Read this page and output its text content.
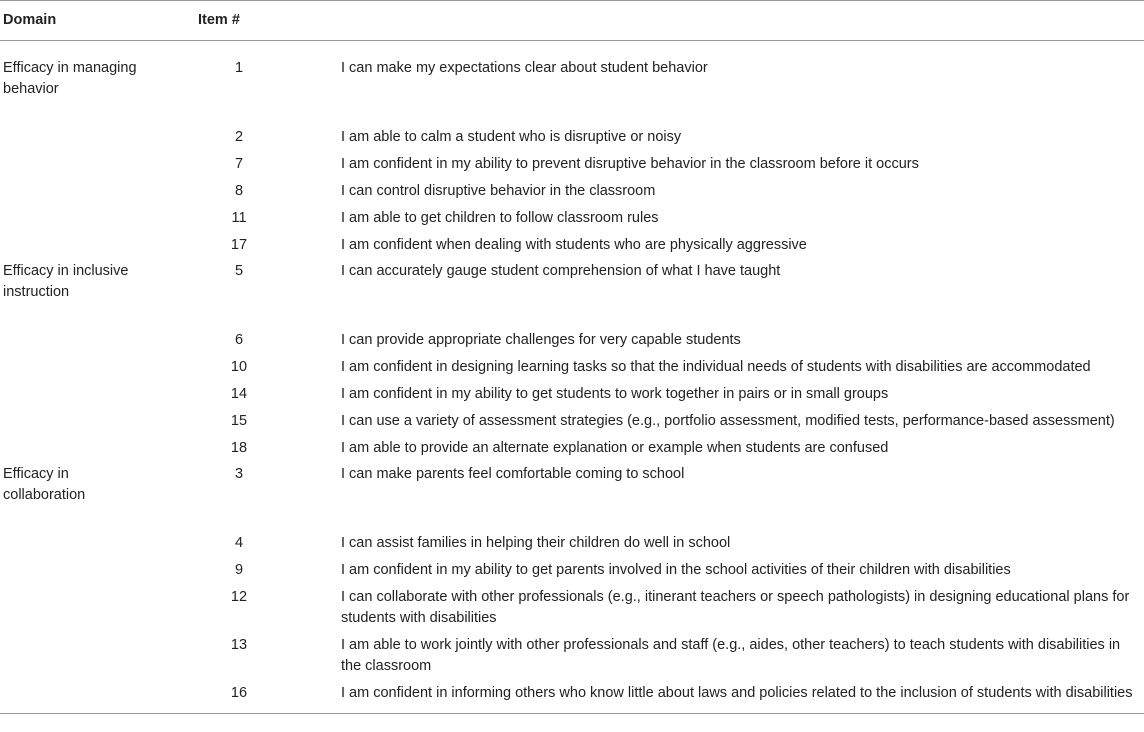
Domain	Item #	
Efficacy in managing behavior	1	I can make my expectations clear about student behavior
	2	I am able to calm a student who is disruptive or noisy
	7	I am confident in my ability to prevent disruptive behavior in the classroom before it occurs
	8	I can control disruptive behavior in the classroom
	11	I am able to get children to follow classroom rules
	17	I am confident when dealing with students who are physically aggressive
Efficacy in inclusive instruction	5	I can accurately gauge student comprehension of what I have taught
	6	I can provide appropriate challenges for very capable students
	10	I am confident in designing learning tasks so that the individual needs of students with disabilities are accommodated
	14	I am confident in my ability to get students to work together in pairs or in small groups
	15	I can use a variety of assessment strategies (e.g., portfolio assessment, modified tests, performance-based assessment)
	18	I am able to provide an alternate explanation or example when students are confused
Efficacy in collaboration	3	I can make parents feel comfortable coming to school
	4	I can assist families in helping their children do well in school
	9	I am confident in my ability to get parents involved in the school activities of their children with disabilities
	12	I can collaborate with other professionals (e.g., itinerant teachers or speech pathologists) in designing educational plans for students with disabilities
	13	I am able to work jointly with other professionals and staff (e.g., aides, other teachers) to teach students with disabilities in the classroom
	16	I am confident in informing others who know little about laws and policies related to the inclusion of students with disabilities
